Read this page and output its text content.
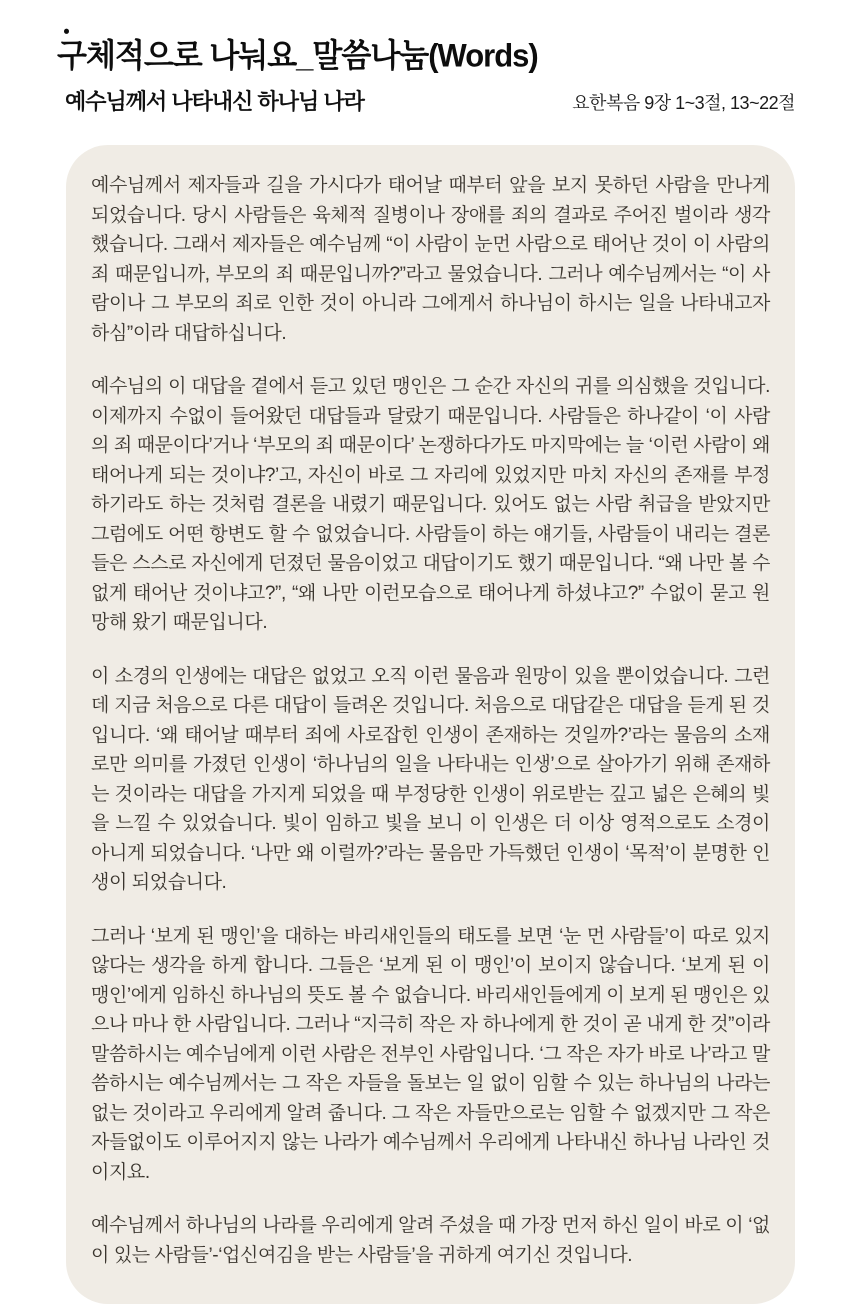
구체적으로 나눠요_말씀나눔(Words)
예수님께서 나타내신 하나님 나라	요한복음 9장 1~3절, 13~22절

예수님께서 제자들과 길을 가시다가 태어날 때부터 앞을 보지 못하던 사람을 만나게 되었습니다. 당시 사람들은 육체적 질병이나 장애를 죄의 결과로 주어진 벌이라 생각했습니다. 그래서 제자들은 예수님께 “이 사람이 눈먼 사람으로 태어난 것이 이 사람의 죄 때문입니까, 부모의 죄 때문입니까?”라고 물었습니다. 그러나 예수님께서는 “이 사람이나 그 부모의 죄로 인한 것이 아니라 그에게서 하나님이 하시는 일을 나타내고자 하심”이라 대답하십니다.

예수님의 이 대답을 곁에서 듣고 있던 맹인은 그 순간 자신의 귀를 의심했을 것입니다. 이제까지 수없이 들어왔던 대답들과 달랐기 때문입니다. 사람들은 하나같이 ‘이 사람의 죄 때문이다’거나 ‘부모의 죄 때문이다’ 논쟁하다가도 마지막에는 늘 ‘이런 사람이 왜 태어나게 되는 것이냐?’고, 자신이 바로 그 자리에 있었지만 마치 자신의 존재를 부정하기라도 하는 것처럼 결론을 내렸기 때문입니다. 있어도 없는 사람 취급을 받았지만 그럼에도 어떤 항변도 할 수 없었습니다. 사람들이 하는 얘기들, 사람들이 내리는 결론들은 스스로 자신에게 던졌던 물음이었고 대답이기도 했기 때문입니다. “왜 나만 볼 수 없게 태어난 것이냐고?”, “왜 나만 이런모습으로 태어나게 하셨냐고?” 수없이 묻고 원망해 왔기 때문입니다.

이 소경의 인생에는 대답은 없었고 오직 이런 물음과 원망이 있을 뿐이었습니다. 그런데 지금 처음으로 다른 대답이 들려온 것입니다. 처음으로 대답같은 대답을 듣게 된 것입니다. ‘왜 태어날 때부터 죄에 사로잡힌 인생이 존재하는 것일까?’라는 물음의 소재로만 의미를 가졌던 인생이 ‘하나님의 일을 나타내는 인생’으로 살아가기 위해 존재하는 것이라는 대답을 가지게 되었을 때 부정당한 인생이 위로받는 깊고 넓은 은혜의 빛을 느낄 수 있었습니다. 빛이 임하고 빛을 보니 이 인생은 더 이상 영적으로도 소경이 아니게 되었습니다. ‘나만 왜 이럴까?’라는 물음만 가득했던 인생이 ‘목적’이 분명한 인생이 되었습니다.

그러나 ‘보게 된 맹인’을 대하는 바리새인들의 태도를 보면 ‘눈 먼 사람들’이 따로 있지 않다는 생각을 하게 합니다. 그들은 ‘보게 된 이 맹인’이 보이지 않습니다. ‘보게 된 이 맹인’에게 임하신 하나님의 뜻도 볼 수 없습니다. 바리새인들에게 이 보게 된 맹인은 있으나 마나 한 사람입니다. 그러나 “지극히 작은 자 하나에게 한 것이 곧 내게 한 것”이라 말씀하시는 예수님에게 이런 사람은 전부인 사람입니다. ‘그 작은 자가 바로 나’라고 말씀하시는 예수님께서는 그 작은 자들을 돌보는 일 없이 임할 수 있는 하나님의 나라는 없는 것이라고 우리에게 알려 줍니다. 그 작은 자들만으로는 임할 수 없겠지만 그 작은 자들없이도 이루어지지 않는 나라가 예수님께서 우리에게 나타내신 하나님 나라인 것이지요.

예수님께서 하나님의 나라를 우리에게 알려 주셨을 때 가장 먼저 하신 일이 바로 이 ‘없이 있는 사람들’-‘업신여김을 받는 사람들’을 귀하게 여기신 것입니다.
